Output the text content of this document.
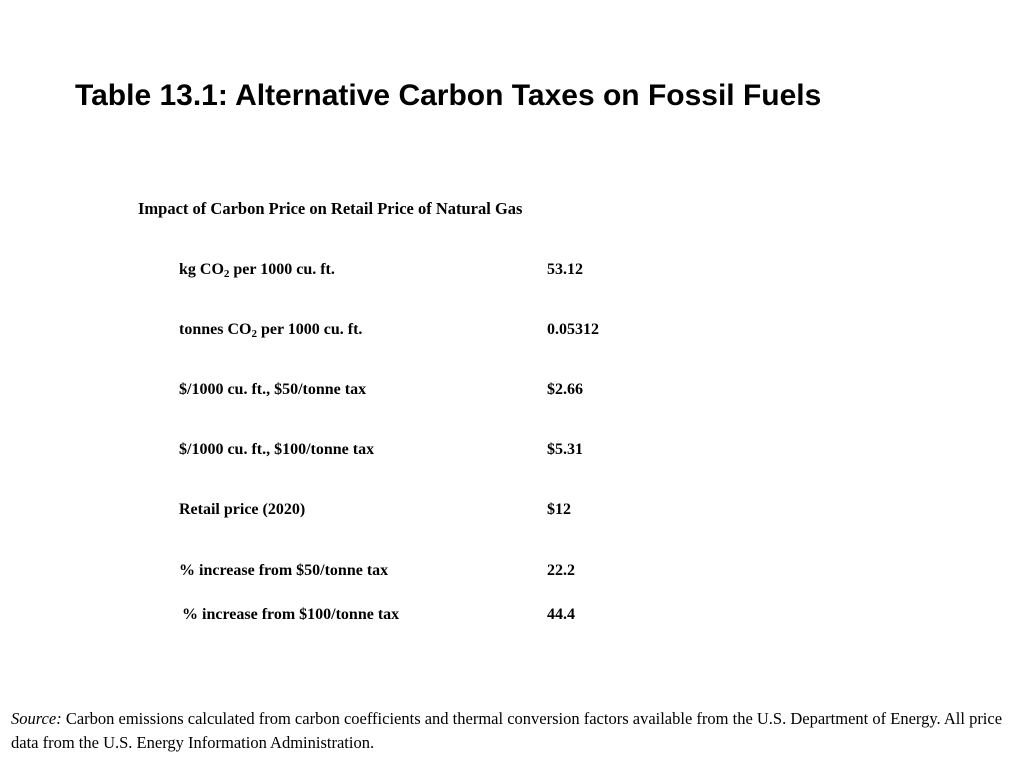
Table 13.1: Alternative Carbon Taxes on Fossil Fuels
Impact of Carbon Price on Retail Price of Natural Gas
kg $CO_2$ per 1000 cu. ft.	53.12
tonnes $CO_2$ per 1000 cu. ft.	0.05312
$/1000 cu. ft., $50/tonne tax	$2.66
$/1000 cu. ft., $100/tonne tax	$5.31
Retail price (2020)	$12
% increase from $50/tonne tax	22.2
% increase from $100/tonne tax	44.4
Source: Carbon emissions calculated from carbon coefficients and thermal conversion factors available from the U.S. Department of Energy. All price data from the U.S. Energy Information Administration.
